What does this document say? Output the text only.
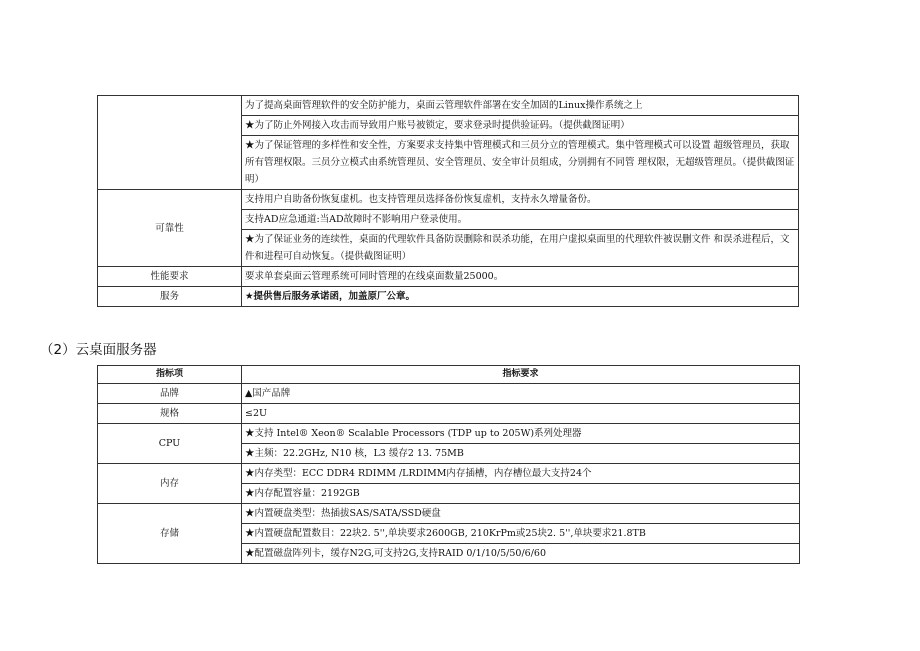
	为了提高桌面管理软件的安全防护能力，桌面云管理软件部署在安全加固的Linux操作系统之上
	★为了防止外网接入攻击而导致用户账号被锁定，要求登录时提供验证码。（提供截图证明）
	★为了保证管理的多样性和安全性，方案要求支持集中管理模式和三员分立的管理模式。集中管理模式可以设置 超级管理员，获取所有管理权限。三员分立模式由系统管理员、安全管理员、安全审计员组成，分别拥有不同管 理权限，无超级管理员。（提供截图证明）
可靠性	支持用户自助备份恢复虚机。也支持管理员选择备份恢复虚机，支持永久增量备份。
	支持AD应急通道:当AD故障时不影响用户登录使用。
	★为了保证业务的连续性，桌面的代理软件具备防误删除和误杀功能，在用户虚拟桌面里的代理软件被误删文件 和误杀进程后，文件和进程可自动恢复。（提供截图证明）
性能要求	要求单套桌面云管理系统可同时管理的在线桌面数量25000。
服务	★提供售后服务承诺函，加盖原厂公章。
（2）云桌面服务器
指标项	指标要求
品牌	▲国产品牌
规格	≤2U
CPU	★支持 Intel® Xeon® Scalable Processors (TDP up to 205W)系列处理器
	★主频：22.2GHz, N10 核，L3 缓存2 13. 75MB
内存	★内存类型：ECC DDR4 RDIMM /LRDIMM内存插槽，内存槽位最大支持24个
	★内存配置容量：2192GB
存储	★内置硬盘类型：热插拔SAS/SATA/SSD硬盘
	★内置硬盘配置数目：22块2. 5'',单块要求2600GB, 210KrPm或25块2. 5'',单块要求21.8TB
	★配置磁盘阵列卡，缓存N2G,可支持2G,支持RAID 0/1/10/5/50/6/60
